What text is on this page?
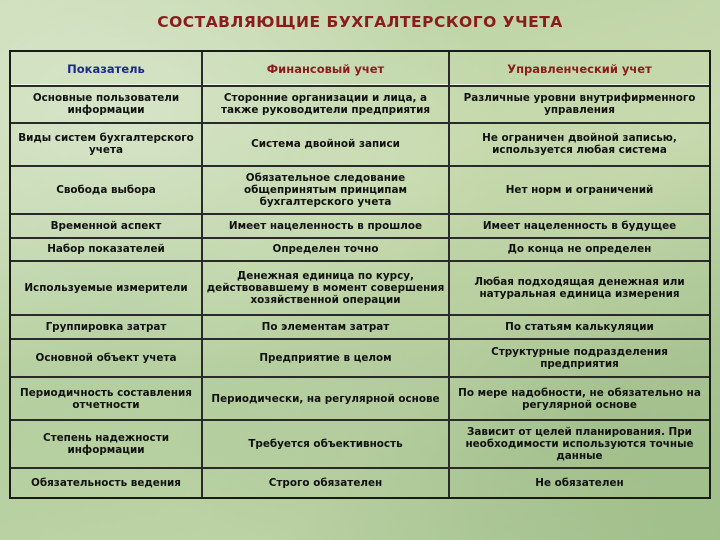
СОСТАВЛЯЮЩИЕ БУХГАЛТЕРСКОГО УЧЕТА
Показатель	Финансовый учет	Управленческий учет
Основные пользователи информации	Сторонние организации и лица, а также руководители предприятия	Различные уровни внутрифирменного управления
Виды систем бухгалтерского учета	Система двойной записи	Не ограничен двойной записью, используется любая система
Свобода выбора	Обязательное следование общепринятым принципам бухгалтерского учета	Нет норм и ограничений
Временной аспект	Имеет нацеленность в прошлое	Имеет нацеленность в будущее
Набор показателей	Определен точно	До конца не определен
Используемые измерители	Денежная единица по курсу, действовавшему в момент совершения хозяйственной операции	Любая подходящая денежная или натуральная единица измерения
Группировка затрат	По элементам затрат	По статьям калькуляции
Основной объект учета	Предприятие в целом	Структурные подразделения предприятия
Периодичность составления отчетности	Периодически, на регулярной основе	По мере надобности, не обязательно на регулярной основе
Степень надежности информации	Требуется объективность	Зависит от целей планирования. При необходимости используются точные данные
Обязательность ведения	Строго обязателен	Не обязателен
